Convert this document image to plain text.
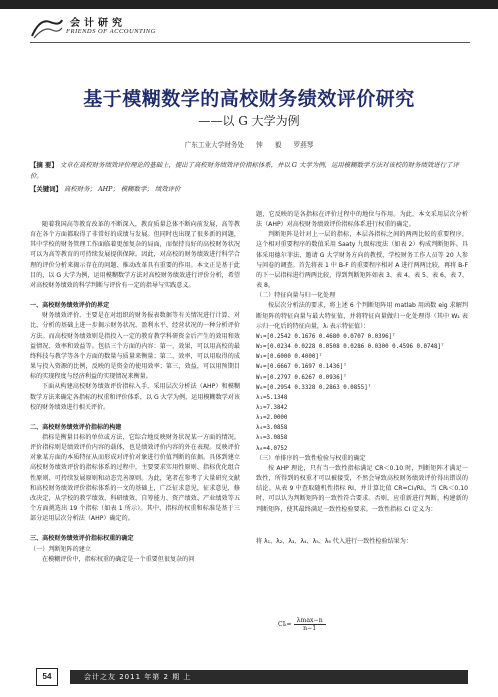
会计研究
FRIENDS OF ACCOUNTING
基于模糊数学的高校财务绩效评价研究
——以 G 大学为例
广东工业大学财务处 钟 毅 罗燕琴

【摘 要】 文章在高校财务绩效评价理论的基础上，提出了高校财务绩效评价指标体系，并以 G 大学为例，运用模糊数学方法对该校的财务绩效进行了评价。

【关键词】 高校财务； AHP； 模糊数学； 绩效评价

随着我国高等教育改革的不断深入，教育质量总体不断向前发展，高等教育在各个方面都取得了非常好的成绩与发展。但同时也出现了很多新的问题，其中学校的财务管理工作面临着更加复杂的局面，而保持良好的高校财务状况可以为高等教育的可持续发展提供保障。因此，对高校的财务绩效进行科学合理的评价分析来揭示存在的问题、推动改革具有重要的作用。本文正是基于此目的，以 G 大学为例，运用模糊数学方法对高校财务绩效进行评价分析，希望对高校财务绩效的科学判断与评价有一定的指导与实践意义。

一、高校财务绩效评价的界定

财务绩效评价，主要是在对组织的财务报表数据等有关情况进行计算、对比、分析的基础上进一步揭示财务状况、盈利水平、经营状况的一种分析评价方法。而高校财务绩效则是指投入一定的教育教学科研资金后产生的效用和效益情况、效率和效益等。包括三个方面的内容：第一，效果，可以用高校的最终科技与教学等各个方面的数量与质量来衡量；第二，效率，可以用取得的成果与投入资源的比例，反映的是资金的使用效率；第三，效益，可以用预期目标的实现程度与经济利益的实现情况来衡量。

下面从构建高校财务绩效评价指标入手，采用层次分析法（AHP）和模糊数学方法来确定各指标的权重和评价体系，以 G 大学为例，运用模糊数学对该校的财务绩效进行相关评价。

二、高校财务绩效评价指标的构建

指标是衡量目标的单位或方法，它综合地反映财务状况某一方面的情况。评价指标则是绩效评价内容的载体，也是绩效评价内容的外在表现。反映评价对象某方面的本质特征从而形成对评价对象进行价值判断的依据。具体到建立高校财务绩效评价的指标体系的过程中，主要要求实用性原则、指标优化组合性原则、可持续发展原则和动态完善原则。为此，笔者在参考了大量研究文献和高校财务绩效评价指标体系的一文的基础上，广泛征求意见，征求意见，修改决定，从学校的教学绩效、科研绩效、自筹能力、资产绩效、产业绩效等五个方面挑选出 19 个指标（如表 1 所示）。其中，指标的权重和标准是基于三部分运用层次分析法（AHP）确定的。

三、高校财务绩效评价指标权重的确定

（一）判断矩阵的建立

在模糊评价中，指标权重的确定是一个重要但很复杂的问

题，它反映的是各指标在评价过程中的地位与作用。为此，本文采用层次分析法（AHP）对高校财务绩效评价指标体系进行权重的确定。

判断矩阵是针对上一层的指标，本层各指标之间的两两比较的重要程序，这个相对重要程序的数值采用 Saaty 九级标度法（如表 2）构成判断矩阵。具体采用德尔菲法，邀请 G 大学财务方向的教授、学校财务工作人员等 20 人参与问卷的调查。首先将表 1 中 B-F 的重要程序相对 A 进行两两比较，再将 B-F 的下一层指标进行两两比较，得到判断矩阵如表 3、表 4、表 5、表 6、表 7、表 8。

（二）特征向量与归一化处理

按层次分析法的要求，将上述 6 个判断矩阵用 matlab 用函数 eig 求解判断矩阵的特征向量与最大特征值，并将特征向量做归一化处理得（其中 W₁ 表示归一化后的特征向量，λᵢ 表示特征值）：

W₁=[0.2542 0.1676 0.4680 0.0707 0.0396]ᵀ
W₂=[0.0234 0.0228 0.0508 0.0286 0.0300 0.4596 0.0748]ᵀ
W₃=[0.6000 0.4000]ᵀ
W₄=[0.6667 0.1697 0.1436]ᵀ
W₅=[0.2797 0.6267 0.0936]ᵀ
W₆=[0.2954 0.3328 0.2863 0.0855]ᵀ
λ₁=5.1348
λ₂=7.3842
λ₃=2.0000
λ₄=3.0858
λ₅=3.0858
λ₆=4.0752

（三）单排序的一致性检验与权重的确定

按 AHP 理论，只有当一致性指标满足 CR＜0.10 时，判断矩阵才满足一致性，所得到的权重才可以被接受，不然会导致高校财务绩效评价得出错误的结论。从表 9 中查取随机性指标 RI，并计算比值 CR=CIᵢ/RIᵢ，当 CRᵢ＜0.10 时，可以认为判断矩阵的一致性符合要求。否则，应重新进行判断，构建新的判断矩阵，使其最终满足一致性检验要求。一致性指标 CI 定义为：

将 λ₁、λ₂、λ₃、λ₄、λ₅、λ₆ 代入进行一致性检验结果为：

CIᵢ= $\frac{\lambda\max-n}{n-1}$
54	会计之友 2011 年第 2 期 上
